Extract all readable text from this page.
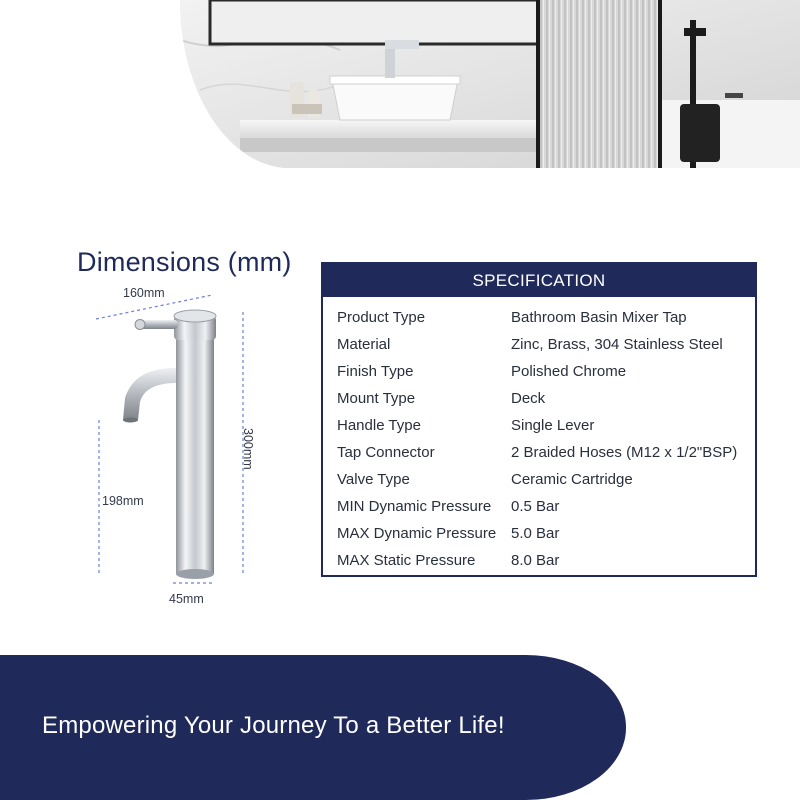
Dimensions (mm)
160mm
300mm
198mm
45mm
SPECIFICATION
Product Type	Bathroom Basin Mixer Tap
Material	Zinc, Brass, 304 Stainless Steel
Finish Type	Polished Chrome
Mount Type	Deck
Handle Type	Single Lever
Tap Connector	2 Braided Hoses (M12 x 1/2"BSP)
Valve Type	Ceramic Cartridge
MIN Dynamic Pressure 0.5 Bar
MAX Dynamic Pressure 5.0 Bar
MAX Static Pressure 8.0 Bar
Empowering Your Journey To a Better Life!
